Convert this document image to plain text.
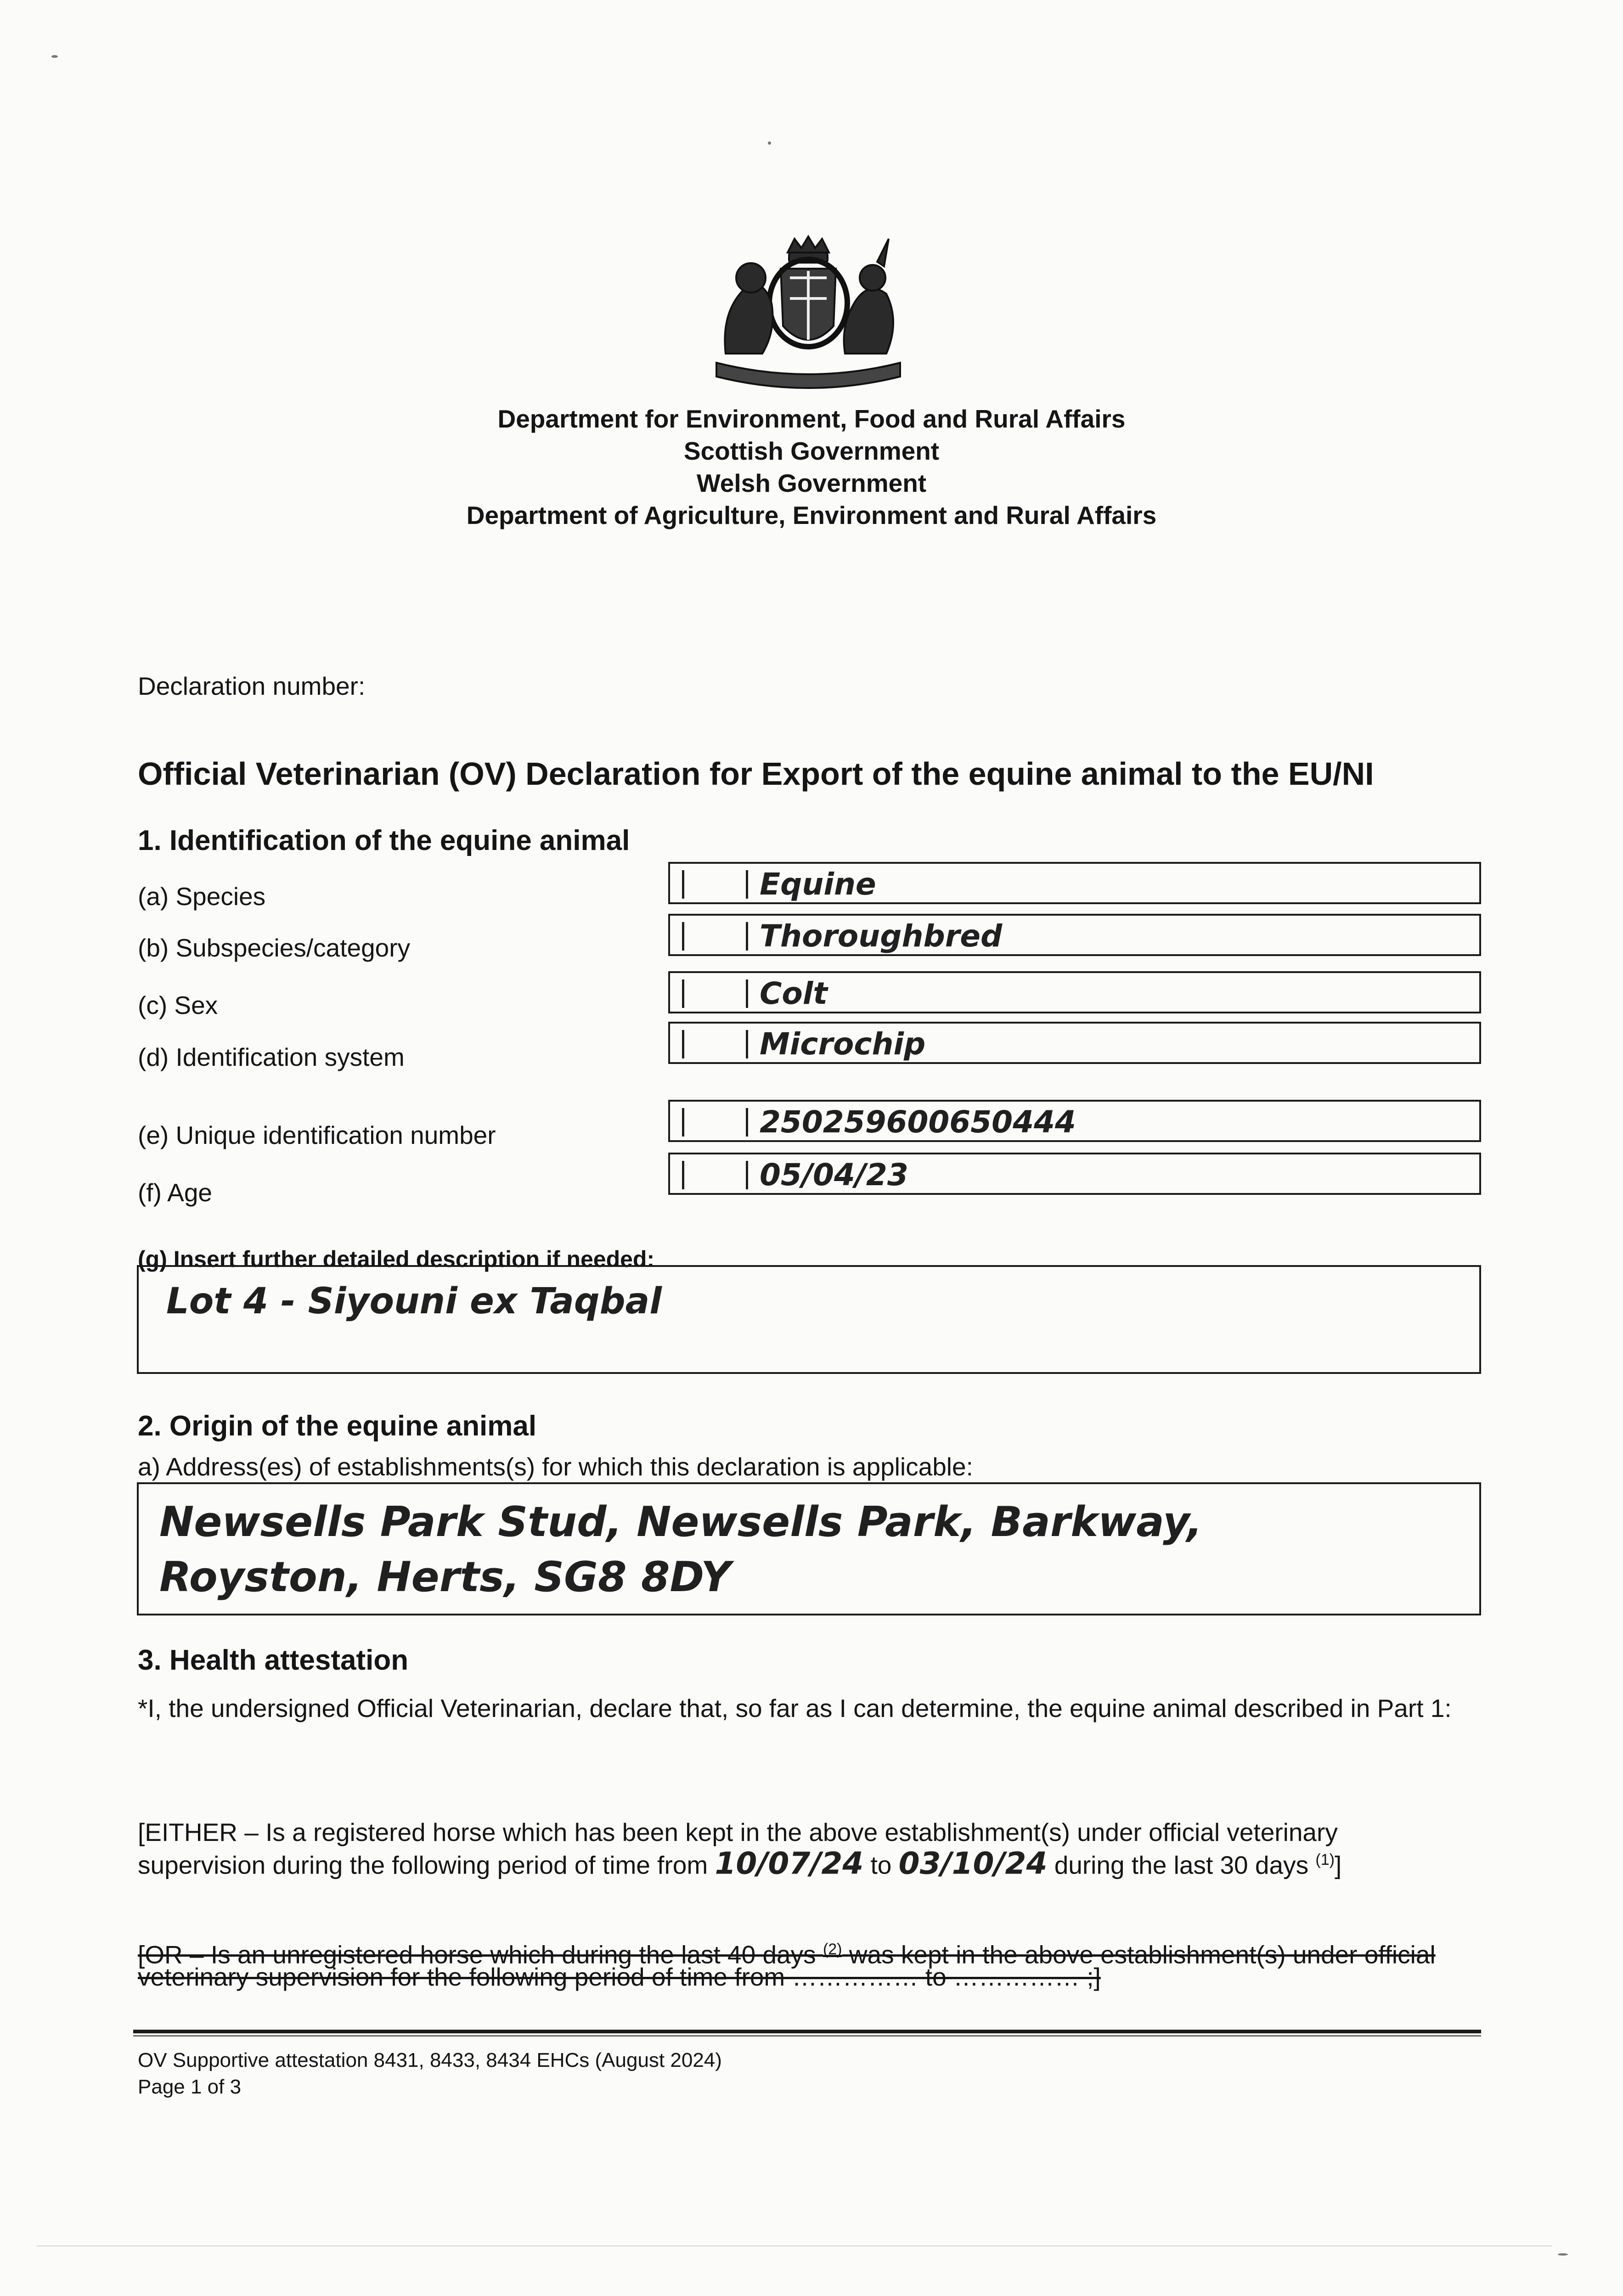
Department for Environment, Food and Rural Affairs
Scottish Government
Welsh Government
Department of Agriculture, Environment and Rural Affairs
Declaration number:
Official Veterinarian (OV) Declaration for Export of the equine animal to the EU/NI
1. Identification of the equine animal
(a) Species	Equine
(b) Subspecies/category	Thoroughbred
(c) Sex	Colt
(d) Identification system	Microchip
(e) Unique identification number	250259600650444
(f) Age	05/04/23
(g) Insert further detailed description if needed:
Lot 4 - Siyouni ex Taqbal
2. Origin of the equine animal
a) Address(es) of establishments(s) for which this declaration is applicable:
Newsells Park Stud, Newsells Park, Barkway,
Royston, Herts, SG8 8DY
3. Health attestation
*I, the undersigned Official Veterinarian, declare that, so far as I can determine, the equine animal described in Part 1:
[EITHER – Is a registered horse which has been kept in the above establishment(s) under official veterinary
supervision during the following period of time from 10/07/24 to 03/10/24 during the last 30 days $^{(1)}$]
[OR – Is an unregistered horse which during the last 40 days $^{(2)}$ was kept in the above establishment(s) under official
veterinary supervision for the following period of time from …………… to …………… ;]
OV Supportive attestation 8431, 8433, 8434 EHCs (August 2024)
Page 1 of 3
